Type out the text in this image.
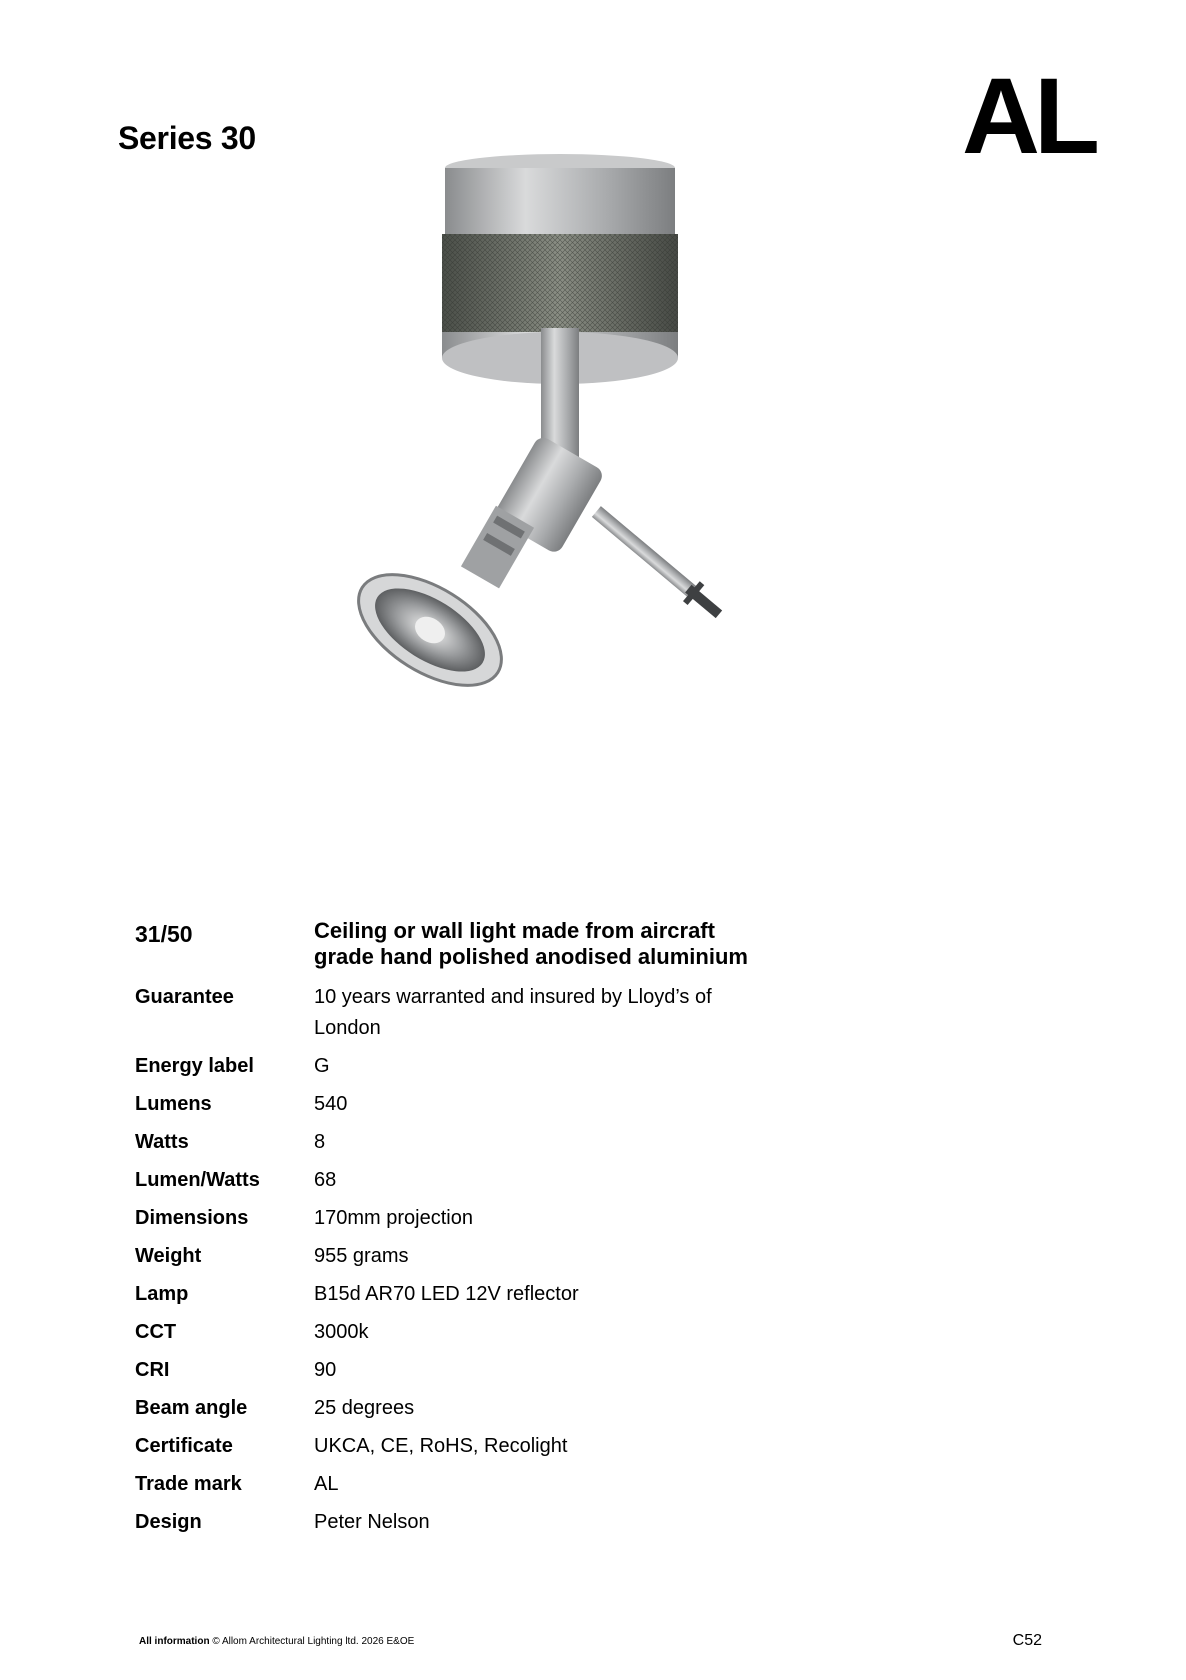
Series 30	AL
31/50	Ceiling or wall light made from aircraft grade hand polished anodised aluminium
Guarantee	10 years warranted and insured by Lloyd’s of London
Energy label	G
Lumens	540
Watts	8
Lumen/Watts	68
Dimensions	170mm projection
Weight	955 grams
Lamp	B15d AR70 LED 12V reflector
CCT	3000k
CRI	90
Beam angle	25 degrees
Certificate	UKCA, CE, RoHS, Recolight
Trade mark	AL
Design	Peter Nelson
All information © Allom Architectural Lighting ltd. 2026 E&OE	C52
